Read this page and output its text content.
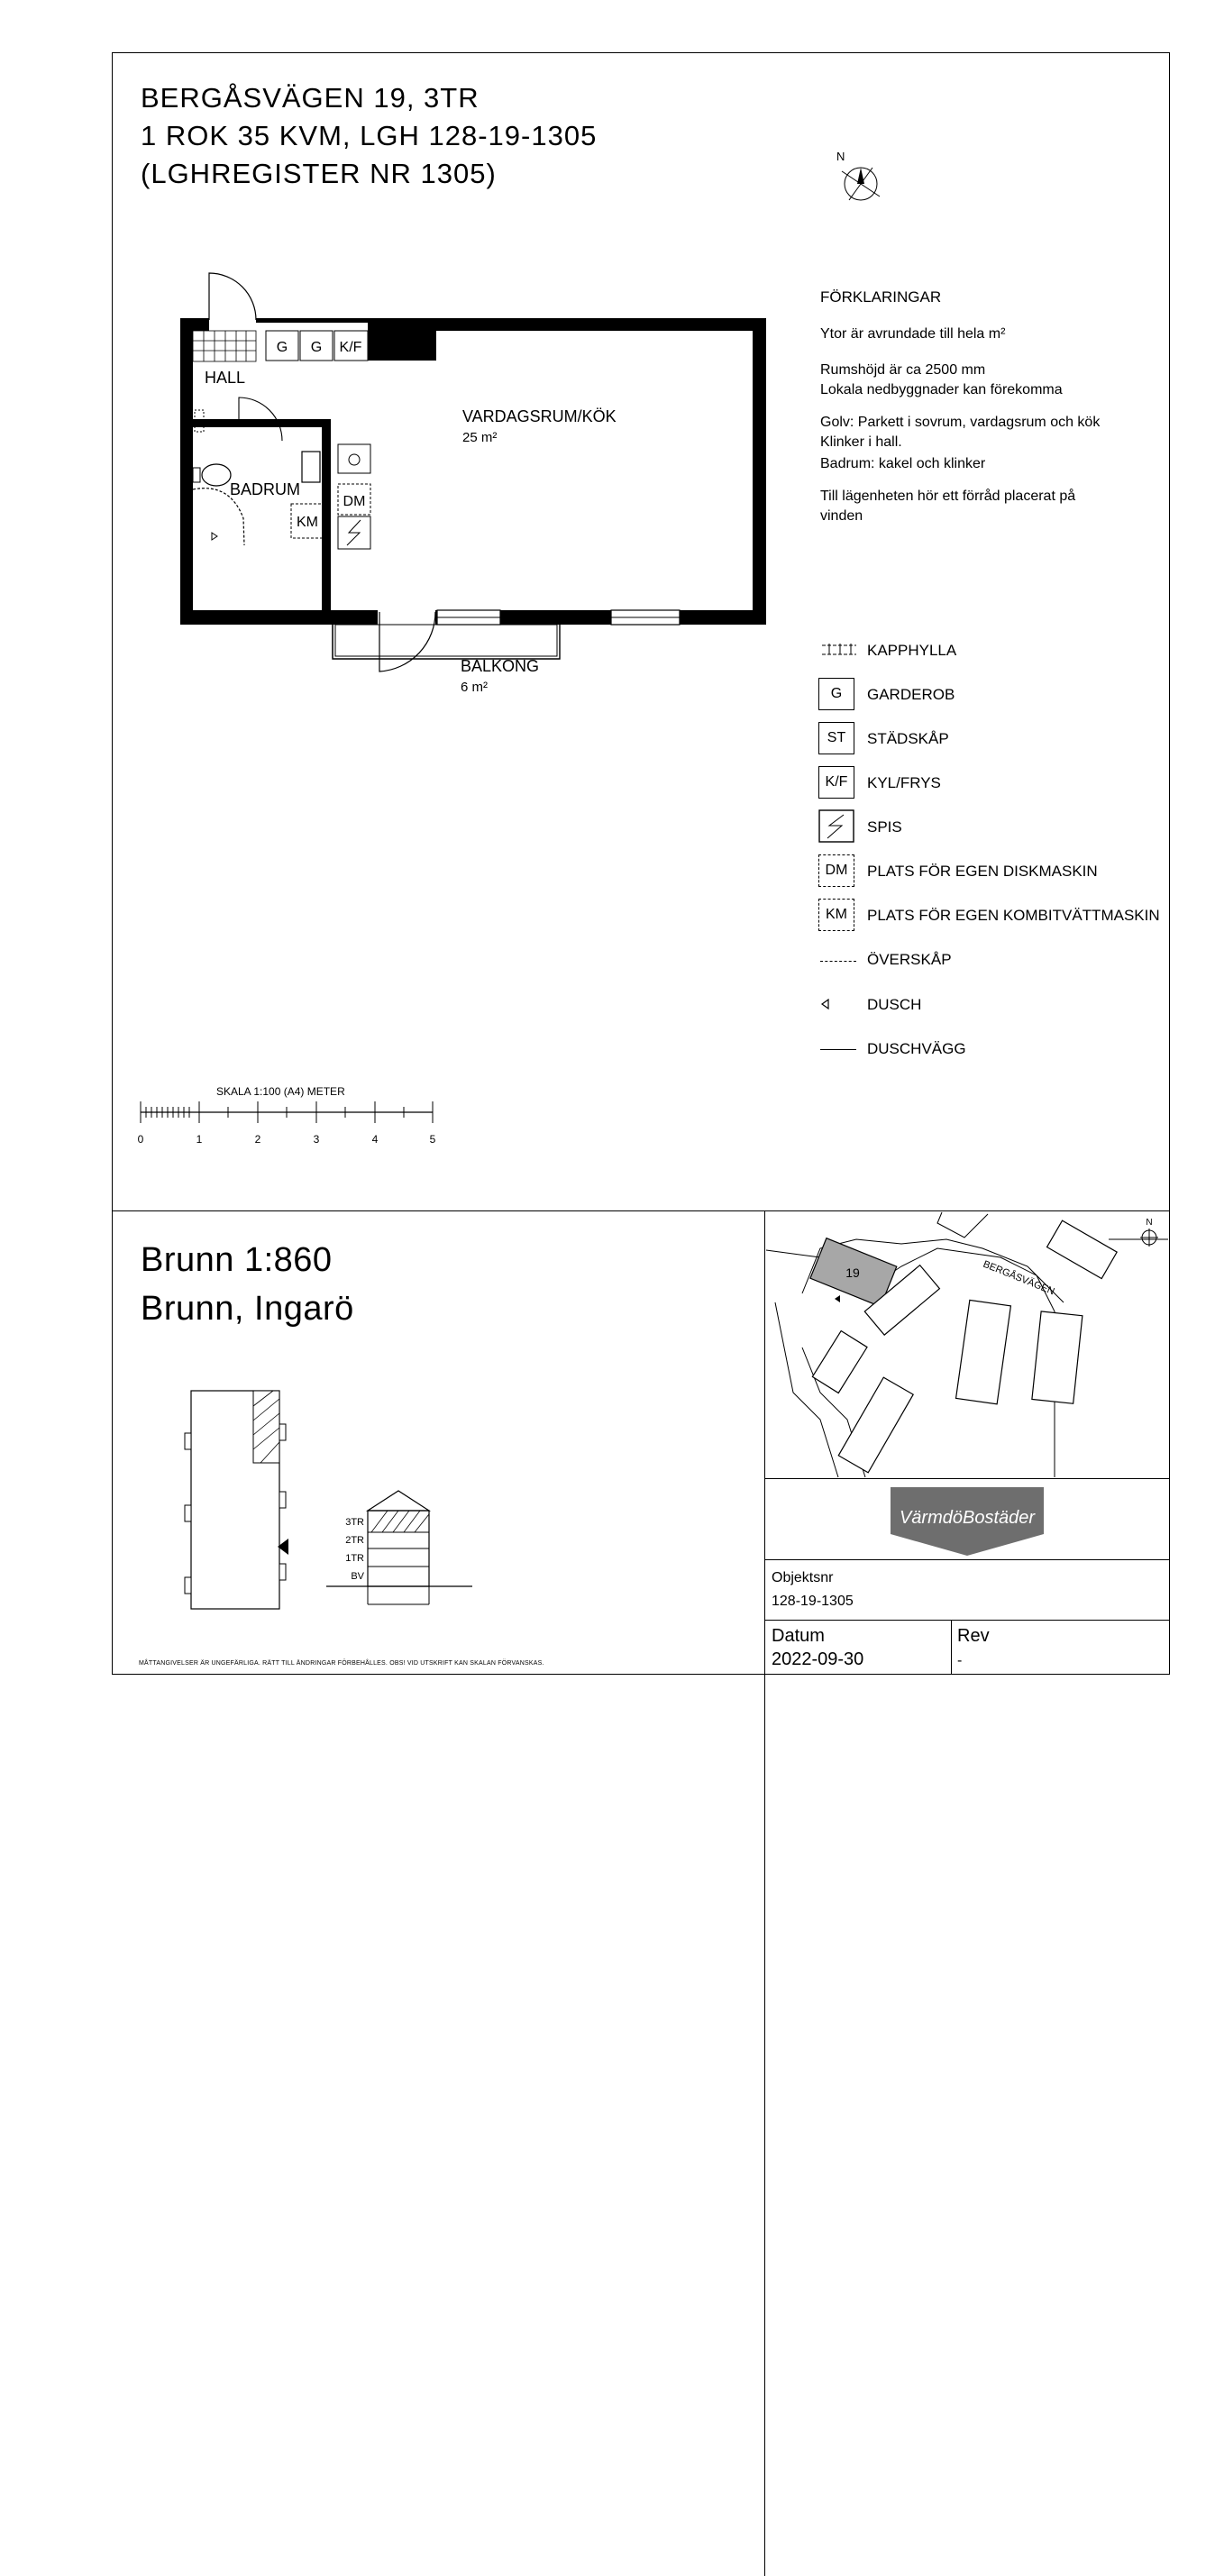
BERGÅSVÄGEN 19, 3TR
1 ROK 35 KVM, LGH 128-19-1305
(LGHREGISTER NR 1305)
N
G G K/F
HALL
BADRUM
KM
DM
VARDAGSRUM/KÖK
25 m²
BALKONG
6 m²
FÖRKLARINGAR
Ytor är avrundade till hela m²
Rumshöjd är ca 2500 mm
Lokala nedbyggnader kan förekomma
Golv: Parkett i sovrum, vardagsrum och kök
Klinker i hall.
Badrum: kakel och klinker
Till lägenheten hör ett förråd placerat på
vinden
KAPPHYLLA
G	GARDEROB
ST	STÄDSKÅP
K/F	KYL/FRYS
SPIS
DM	PLATS FÖR EGEN DISKMASKIN
KM	PLATS FÖR EGEN KOMBITVÄTTMASKIN
ÖVERSKÅP
DUSCH
DUSCHVÄGG
SKALA 1:100 (A4) METER
0	1	2	3	4	5
Brunn 1:860
Brunn, Ingarö
3TR
2TR
1TR
BV
19	BERGÅSVÄGEN
N
VärmdöBostäder
Objektsnr
128-19-1305
Datum
2022-09-30
Rev
-
MÅTTANGIVELSER ÄR UNGEFÄRLIGA. RÄTT TILL ÄNDRINGAR FÖRBEHÅLLES. OBS! VID UTSKRIFT KAN SKALAN FÖRVANSKAS.
